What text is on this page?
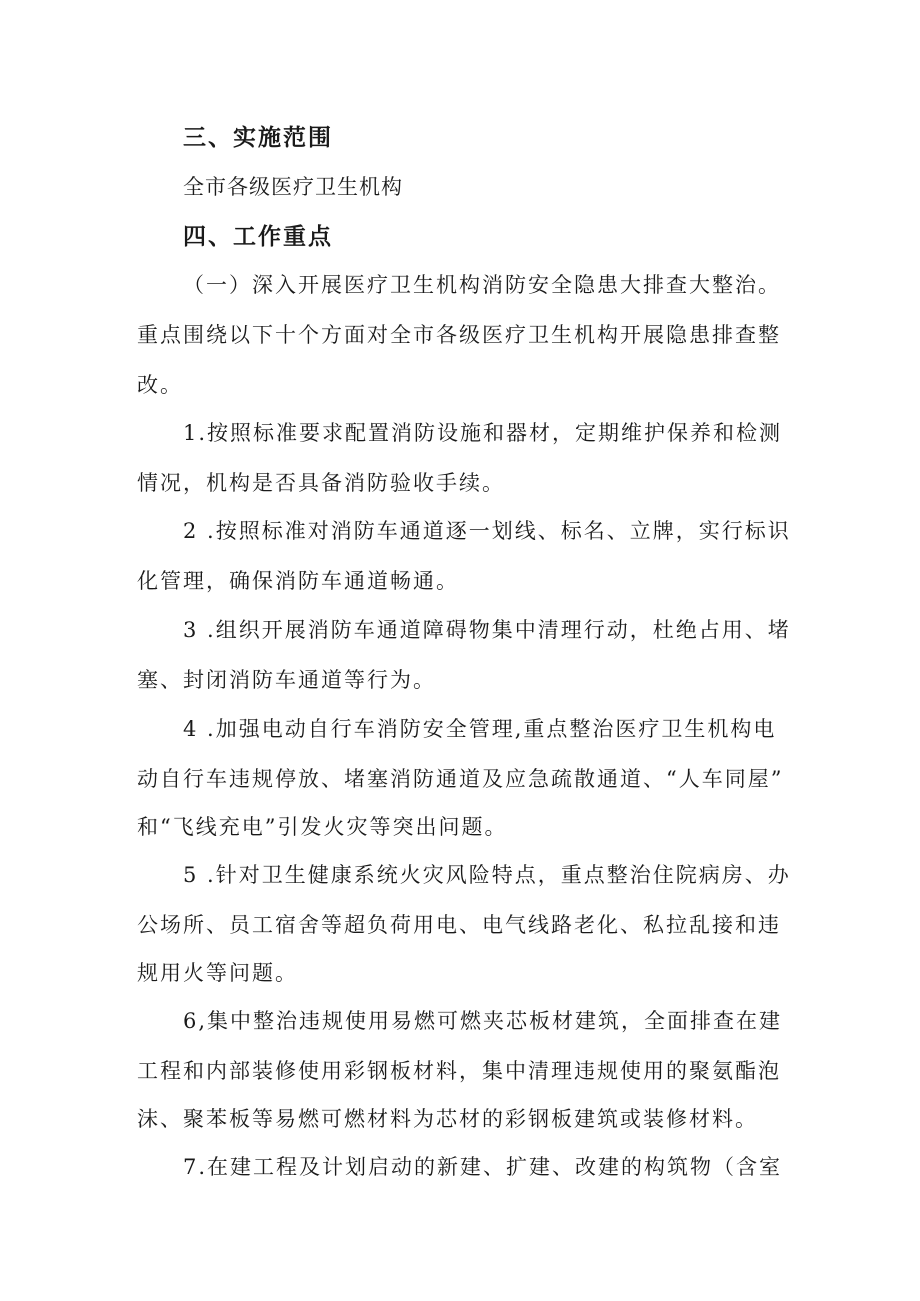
三、实施范围

全市各级医疗卫生机构

四、工作重点

（一）深入开展医疗卫生机构消防安全隐患大排查大整治。

重点围绕以下十个方面对全市各级医疗卫生机构开展隐患排查整

改。

1.按照标准要求配置消防设施和器材，定期维护保养和检测

情况，机构是否具备消防验收手续。

2 .按照标准对消防车通道逐一划线、标名、立牌，实行标识

化管理，确保消防车通道畅通。

3 .组织开展消防车通道障碍物集中清理行动，杜绝占用、堵

塞、封闭消防车通道等行为。

4 .加强电动自行车消防安全管理,重点整治医疗卫生机构电

动自行车违规停放、堵塞消防通道及应急疏散通道、“人车同屋”

和“飞线充电”引发火灾等突出问题。

5 .针对卫生健康系统火灾风险特点，重点整治住院病房、办

公场所、员工宿舍等超负荷用电、电气线路老化、私拉乱接和违

规用火等问题。

6,集中整治违规使用易燃可燃夹芯板材建筑，全面排查在建

工程和内部装修使用彩钢板材料，集中清理违规使用的聚氨酯泡

沫、聚苯板等易燃可燃材料为芯材的彩钢板建筑或装修材料。

7.在建工程及计划启动的新建、扩建、改建的构筑物（含室
